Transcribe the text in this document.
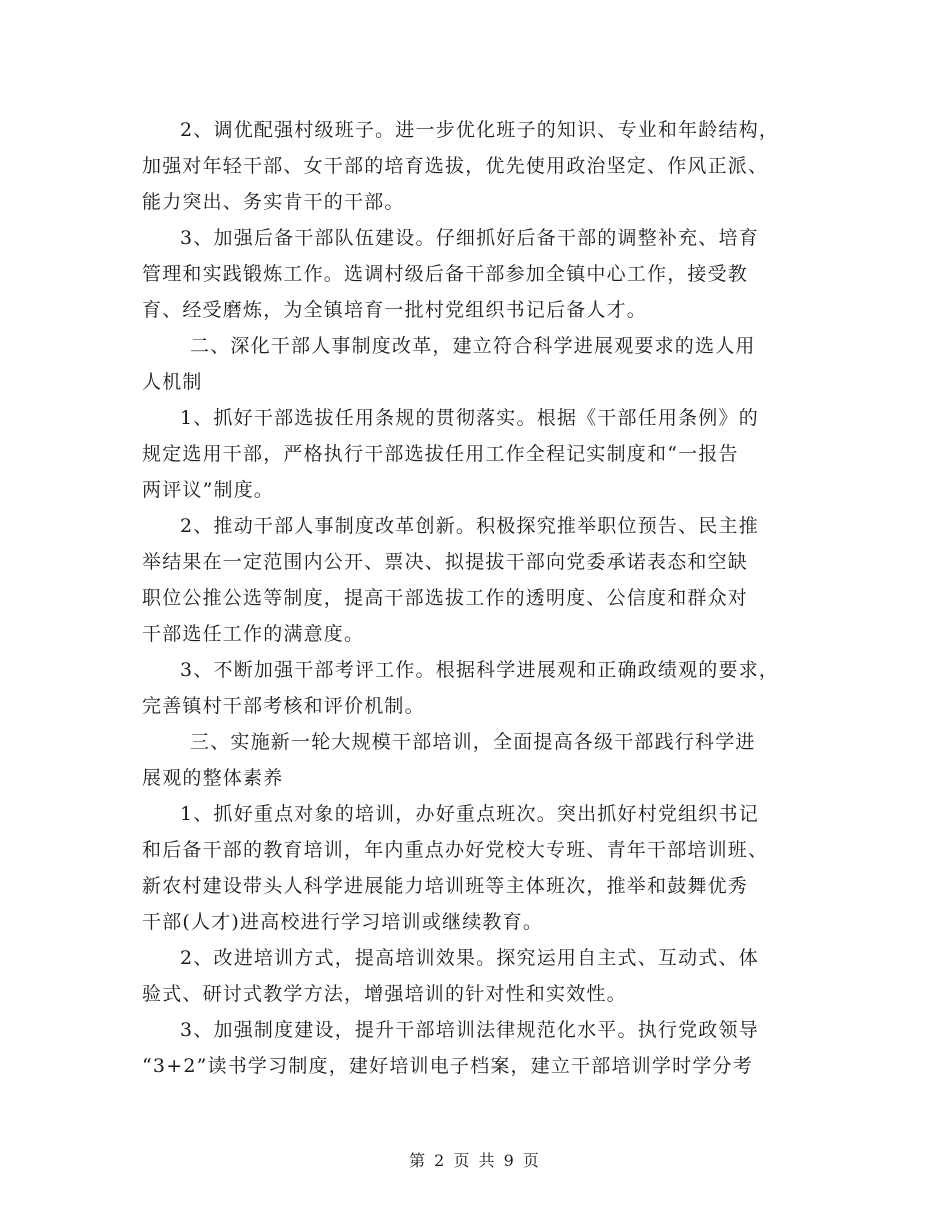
2、调优配强村级班子。进一步优化班子的知识、专业和年龄结构，
加强对年轻干部、女干部的培育选拔，优先使用政治坚定、作风正派、
能力突出、务实肯干的干部。
3、加强后备干部队伍建设。仔细抓好后备干部的调整补充、培育
管理和实践锻炼工作。选调村级后备干部参加全镇中心工作，接受教
育、经受磨炼，为全镇培育一批村党组织书记后备人才。
二、深化干部人事制度改革，建立符合科学进展观要求的选人用
人机制
1、抓好干部选拔任用条规的贯彻落实。根据《干部任用条例》的
规定选用干部，严格执行干部选拔任用工作全程记实制度和“一报告
两评议”制度。
2、推动干部人事制度改革创新。积极探究推举职位预告、民主推
举结果在一定范围内公开、票决、拟提拔干部向党委承诺表态和空缺
职位公推公选等制度，提高干部选拔工作的透明度、公信度和群众对
干部选任工作的满意度。
3、不断加强干部考评工作。根据科学进展观和正确政绩观的要求，
完善镇村干部考核和评价机制。
三、实施新一轮大规模干部培训，全面提高各级干部践行科学进
展观的整体素养
1、抓好重点对象的培训，办好重点班次。突出抓好村党组织书记
和后备干部的教育培训，年内重点办好党校大专班、青年干部培训班、
新农村建设带头人科学进展能力培训班等主体班次，推举和鼓舞优秀
干部(人才)进高校进行学习培训或继续教育。
2、改进培训方式，提高培训效果。探究运用自主式、互动式、体
验式、研讨式教学方法，增强培训的针对性和实效性。
3、加强制度建设，提升干部培训法律规范化水平。执行党政领导
“3+2”读书学习制度，建好培训电子档案，建立干部培训学时学分考
第 2 页 共 9 页
